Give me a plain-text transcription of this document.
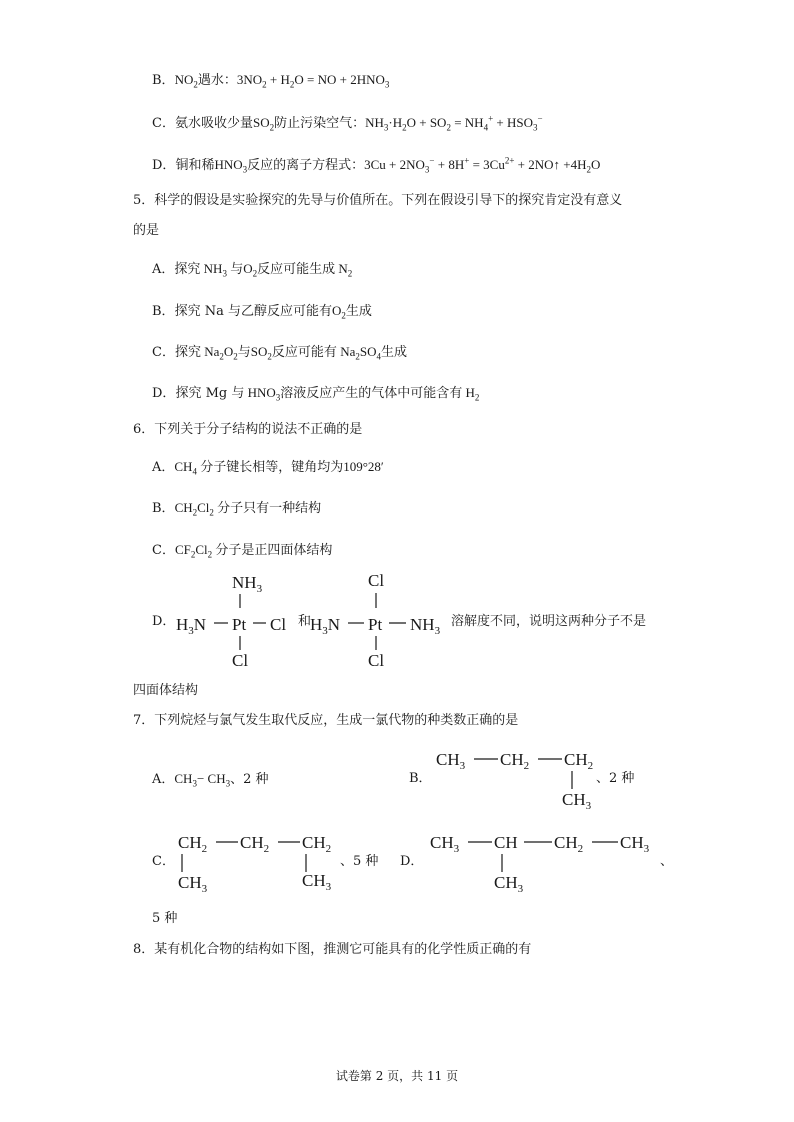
B．$NO_2$遇水：$3NO_2 + H_2O$ = NO + $2HNO_3$
C．氨水吸收少量$SO_2$防止污染空气：$NH_3\cdot H_2O + SO_2 = NH_4^+ + HSO_3^-$
D．铜和稀$HNO_3$反应的离子方程式：$3Cu + 2NO_3^- + 8H^+ = 3Cu^{2+}$ + 2NO↑ $+4H_2O$
5．科学的假设是实验探究的先导与价值所在。下列在假设引导下的探究肯定没有意义
的是
A．探究 $NH_3$ 与$O_2$反应可能生成 $N_2$
B．探究 Na 与乙醇反应可能有$O_2$生成
C．探究 $Na_2O_2$与$SO_2$反应可能有 $Na_2SO_4$生成
D．探究 Mg 与 $HNO_3$溶液反应产生的气体中可能含有 $H_2$
6．下列关于分子结构的说法不正确的是
A．$CH_4$ 分子键长相等，键角均为109°28′
B．$CH_2Cl_2$ 分子只有一种结构
C．$CF_2Cl_2$ 分子是正四面体结构
D．
$NH_3$
$H_3N$ Pt Cl
Cl
和
Cl
$H_3N$ Pt $NH_3$
Cl
溶解度不同，说明这两种分子不是
四面体结构
7．下列烷烃与氯气发生取代反应，生成一氯代物的种类数正确的是
A．$CH_3- CH_3$、2 种	B．
$CH_3$ $CH_2$ $CH_2$
$CH_3$
、2 种
C．
$CH_2$ $CH_2$ $CH_2$
$CH_3$	$CH_3$
、5 种 D．
$CH_3$ CH $CH_2$ $CH_3$
$CH_3$
、
5 种
8．某有机化合物的结构如下图，推测它可能具有的化学性质正确的有
试卷第 2 页，共 11 页
